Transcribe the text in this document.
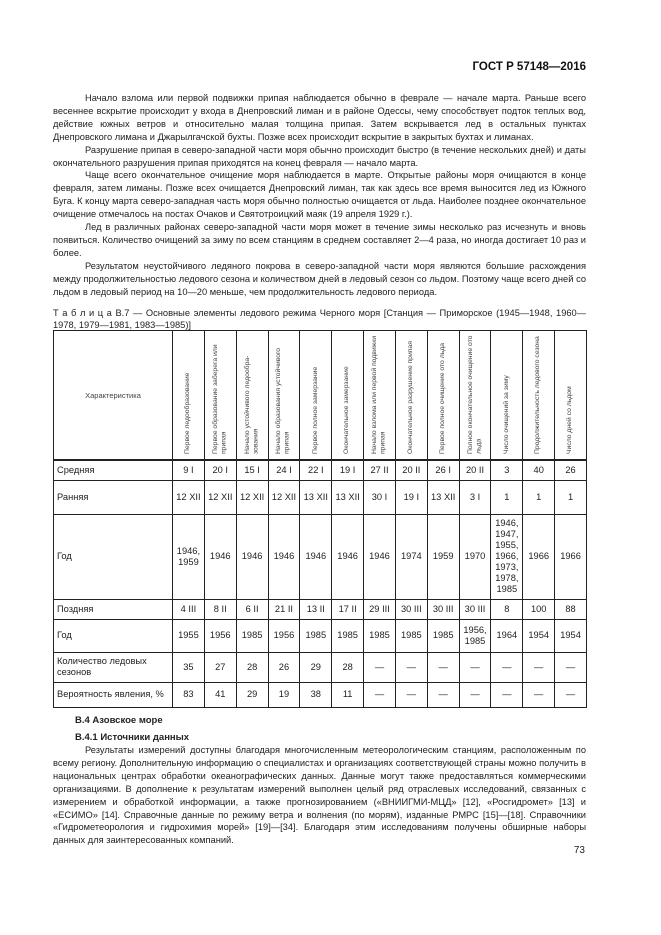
ГОСТ Р 57148—2016

Начало взлома или первой подвижки припая наблюдается обычно в феврале — начале марта. Раньше всего весеннее вскрытие происходит у входа в Днепровский лиман и в районе Одессы, чему способствует подток теплых вод, действие южных ветров и относительно малая толщина припая. Затем вскрывается лед в остальных пунктах Днепровского лимана и Джарылгачской бухты. Позже всех происходит вскрытие в закрытых бухтах и лиманах.

Разрушение припая в северо-западной части моря обычно происходит быстро (в течение нескольких дней) и даты окончательного разрушения припая приходятся на конец февраля — начало марта.

Чаще всего окончательное очищение моря наблюдается в марте. Открытые районы моря очищаются в конце февраля, затем лиманы. Позже всех очищается Днепровский лиман, так как здесь все время выносится лед из Южного Буга. К концу марта северо-западная часть моря обычно полностью очищается от льда. Наиболее позднее окончательное очищение отмечалось на постах Очаков и Святотроицкий маяк (19 апреля 1929 г.).

Лед в различных районах северо-западной части моря может в течение зимы несколько раз исчезнуть и вновь появиться. Количество очищений за зиму по всем станциям в среднем составляет 2—4 раза, но иногда достигает 10 раз и более.

Результатом неустойчивого ледяного покрова в северо-западной части моря являются большие расхождения между продолжительностью ледового сезона и количеством дней в ледовый сезон со льдом. Поэтому чаще всего дней со льдом в ледовый период на 10—20 меньше, чем продолжительность ледового периода.

Т а б л и ц а В.7 — Основные элементы ледового режима Черного моря [Станция — Приморское (1945—1948, 1960—1978, 1979—1981, 1983—1985)]

Характеристика	Первое ледообразование	Первое образование заберега или припая	Начало устойчивого ледообра-зования	Начало образования устойчивого припая	Первое полное замерзание	Окончательное замерзание	Начало взлома или первой подвижки припая	Окончательное разрушение припая	Первое полное очищение ото льда	Полное окончательное очищение ото льда	Число очищений за зиму	Продолжительность ледового сезона	Число дней со льдом
Средняя	9 I	20 I	15 I	24 I	22 I	19 I	27 II	20 II	26 I	20 II	3	40	26
Ранняя	12 XII	12 XII	12 XII	12 XII	13 XII	13 XII	30 I	19 I	13 XII	3 I	1	1	1
Год	1946, 1959	1946	1946	1946	1946	1946	1946	1974	1959	1970	1946, 1947, 1955, 1966, 1973, 1978, 1985	1966	1966
Поздняя	4 III	8 II	6 II	21 II	13 II	17 II	29 III	30 III	30 III	30 III	8	100	88
Год	1955	1956	1985	1956	1985	1985	1985	1985	1985	1956, 1985	1964	1954	1954
Количество ледовых сезонов	35	27	28	26	29	28	—	—	—	—	—	—	—
Вероятность явления, %	83	41	29	19	38	11	—	—	—	—	—	—	—
В.4 Азовское море
В.4.1 Источники данных

Результаты измерений доступны благодаря многочисленным метеорологическим станциям, расположенным по всему региону. Дополнительную информацию о специалистах и организациях соответствующей страны можно получить в национальных центрах обработки океанографических данных. Данные могут также предоставляться коммерческими организациями. В дополнение к результатам измерений выполнен целый ряд отраслевых исследований, связанных с измерением и обработкой информации, а также прогнозированием («ВНИИГМИ-МЦД» [12], «Росгидромет» [13] и «ЕСИМО» [14]. Справочные данные по режиму ветра и волнения (по морям), изданные РМРС [15]—[18]. Справочники «Гидрометеорология и гидрохимия морей» [19]—[34]. Благодаря этим исследованиям получены обширные наборы данных для заинтересованных компаний.

73
